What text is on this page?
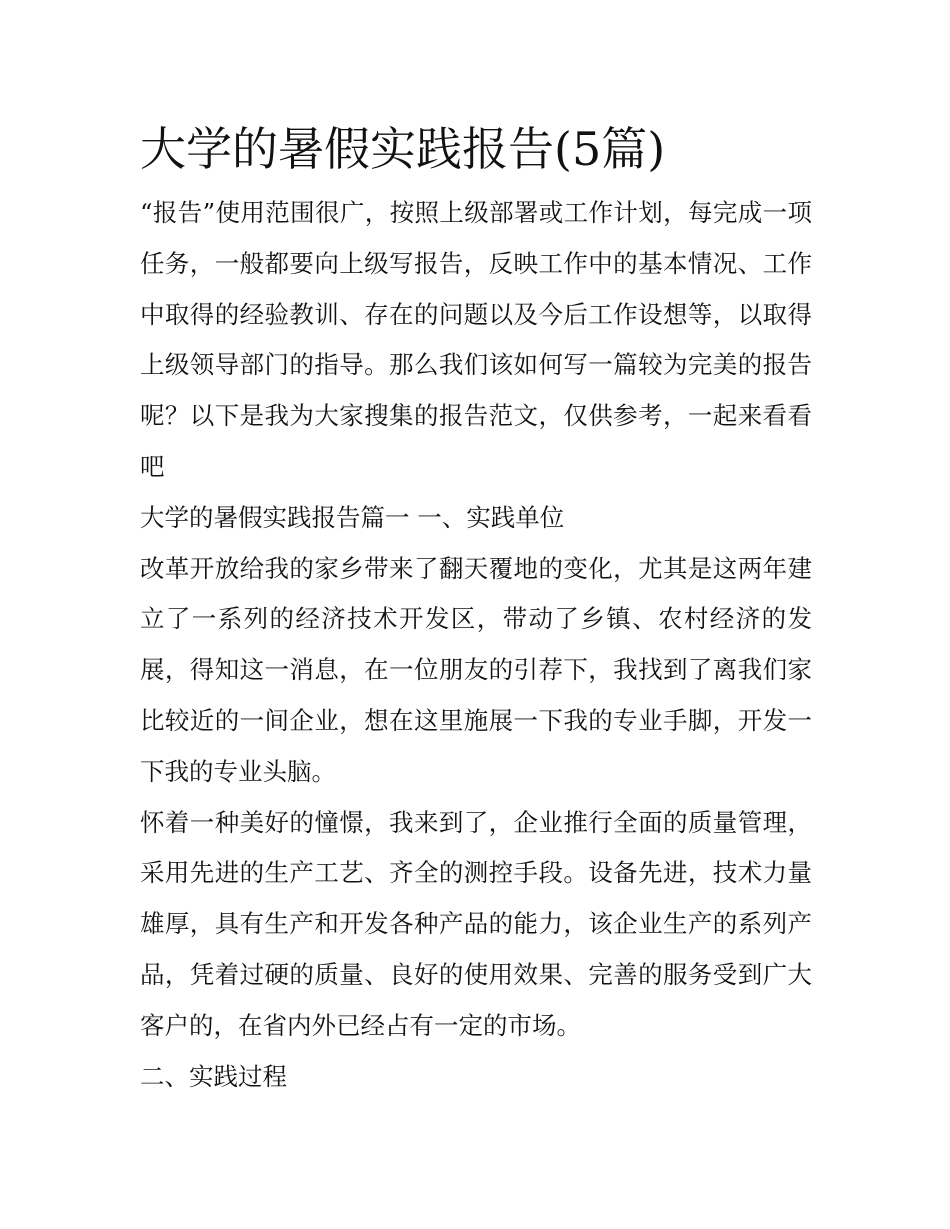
大学的暑假实践报告(5篇)

“报告”使用范围很广，按照上级部署或工作计划，每完成一项任务，一般都要向上级写报告，反映工作中的基本情况、工作中取得的经验教训、存在的问题以及今后工作设想等，以取得上级领导部门的指导。那么我们该如何写一篇较为完美的报告呢？以下是我为大家搜集的报告范文，仅供参考，一起来看看吧

大学的暑假实践报告篇一 一、实践单位

改革开放给我的家乡带来了翻天覆地的变化，尤其是这两年建立了一系列的经济技术开发区，带动了乡镇、农村经济的发展，得知这一消息，在一位朋友的引荐下，我找到了离我们家比较近的一间企业，想在这里施展一下我的专业手脚，开发一下我的专业头脑。

怀着一种美好的憧憬，我来到了，企业推行全面的质量管理，采用先进的生产工艺、齐全的测控手段。设备先进，技术力量雄厚，具有生产和开发各种产品的能力，该企业生产的系列产品，凭着过硬的质量、良好的使用效果、完善的服务受到广大客户的，在省内外已经占有一定的市场。

二、实践过程
